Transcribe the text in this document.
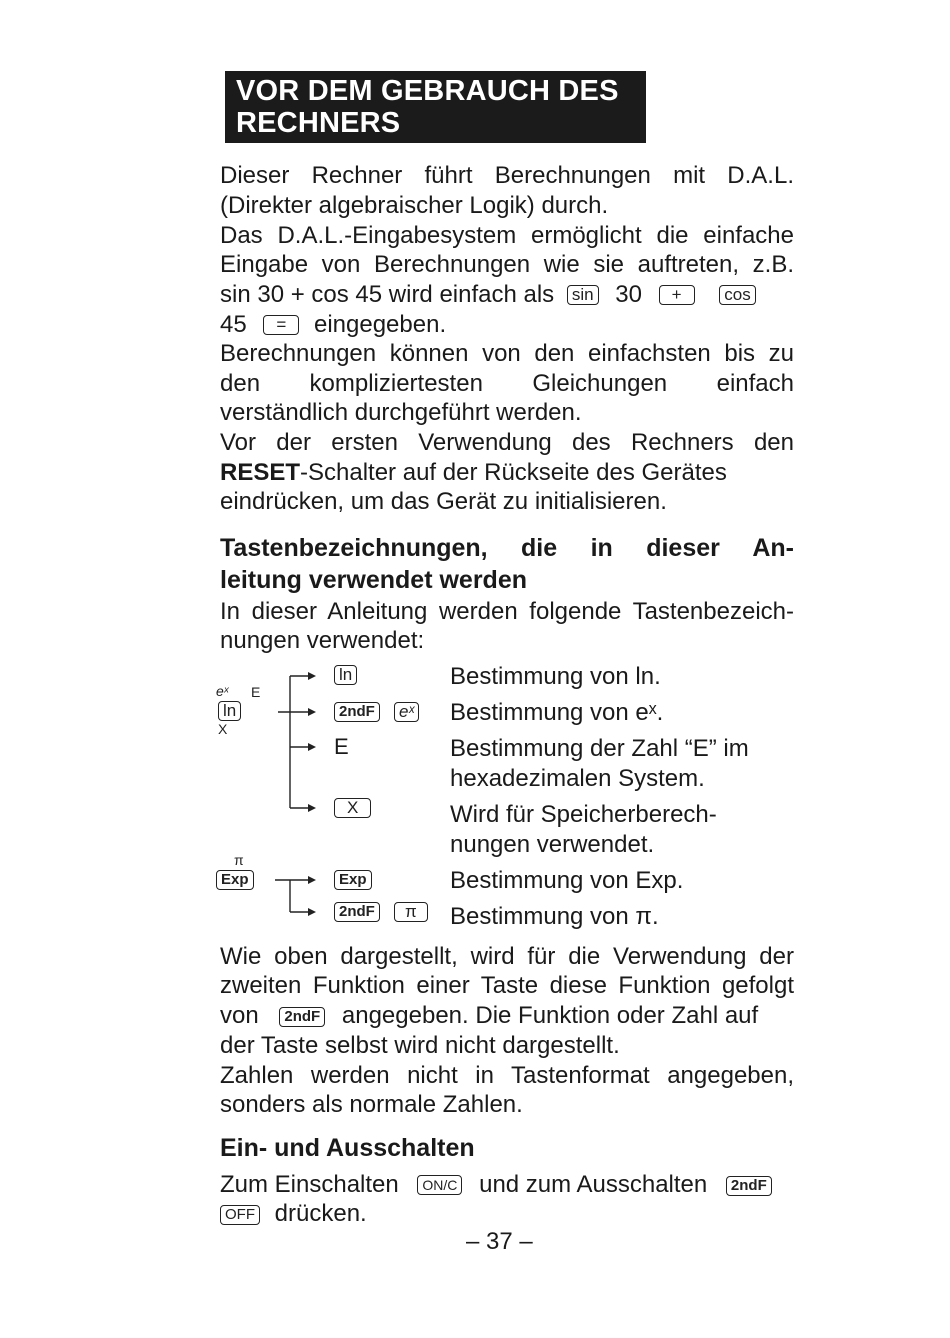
VOR DEM GEBRAUCH DES
RECHNERS
Dieser Rechner führt Berechnungen mit D.A.L.
(Direkter algebraischer Logik) durch.
Das D.A.L.-Eingabesystem ermöglicht die einfache
Eingabe von Berechnungen wie sie auftreten, z.B.
sin 30 + cos 45 wird einfach als sin 30 +	cos
45 = eingegeben.
Berechnungen können von den einfachsten bis zu
den kompliziertesten Gleichungen einfach
verständlich durchgeführt werden.
Vor der ersten Verwendung des Rechners den
RESET-Schalter auf der Rückseite des Gerätes
eindrücken, um das Gerät zu initialisieren.
Tastenbezeichnungen, die in dieser An-
leitung verwendet werden
In dieser Anleitung werden folgende Tastenbezeich-
nungen verwendet:
eˣ E
ln
X
π
Exp
ln
2ndF eˣ
E
X
Exp
2ndF	π
Bestimmung von ln.
Bestimmung von eˣ.
Bestimmung der Zahl “E” im
hexadezimalen System.
Wird für Speicherberech-
nungen verwendet.
Bestimmung von Exp.
Bestimmung von π.
Wie oben dargestellt, wird für die Verwendung der
zweiten Funktion einer Taste diese Funktion gefolgt
von 2ndF angegeben. Die Funktion oder Zahl auf
der Taste selbst wird nicht dargestellt.
Zahlen werden nicht in Tastenformat angegeben,
sonders als normale Zahlen.
Ein- und Ausschalten
Zum Einschalten ON/C und zum Ausschalten 2ndF
OFF drücken.
– 37 –
